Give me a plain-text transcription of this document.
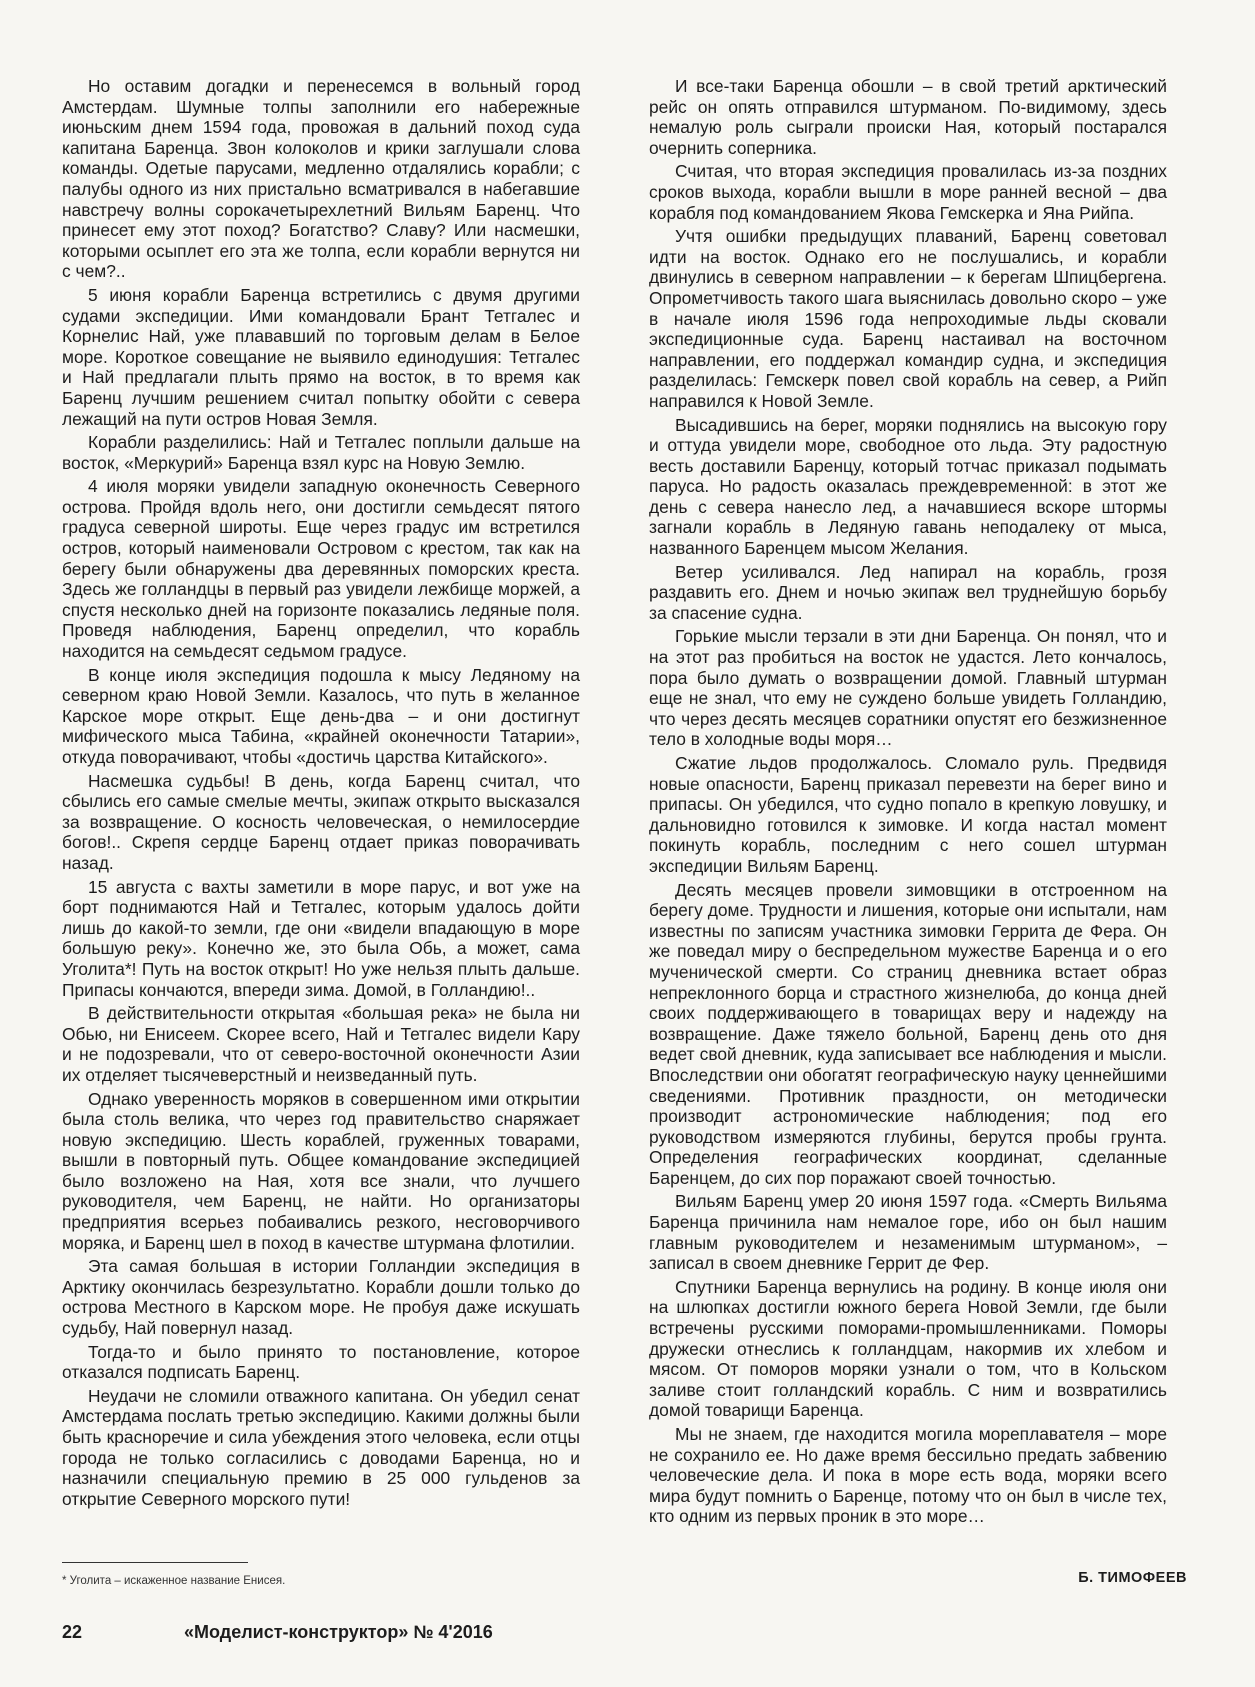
Но оставим догадки и перенесемся в вольный город Амстердам. Шумные толпы заполнили его набережные июньским днем 1594 года, провожая в дальний поход суда капитана Баренца. Звон колоколов и крики заглушали слова команды. Одетые парусами, медленно отдалялись корабли; с палубы одного из них пристально всматривался в набегавшие навстречу волны сорокачетырехлетний Вильям Баренц. Что принесет ему этот поход? Богатство? Славу? Или насмешки, которыми осыплет его эта же толпа, если корабли вернутся ни с чем?..

5 июня корабли Баренца встретились с двумя другими судами экспедиции. Ими командовали Брант Тетгалес и Корнелис Най, уже плававший по торговым делам в Белое море. Короткое совещание не выявило единодушия: Тетгалес и Най предлагали плыть прямо на восток, в то время как Баренц лучшим решением считал попытку обойти с севера лежащий на пути остров Новая Земля.

Корабли разделились: Най и Тетгалес поплыли дальше на восток, «Меркурий» Баренца взял курс на Новую Землю.

4 июля моряки увидели западную оконечность Северного острова. Пройдя вдоль него, они достигли семьдесят пятого градуса северной широты. Еще через градус им встретился остров, который наименовали Островом с крестом, так как на берегу были обнаружены два деревянных поморских креста. Здесь же голландцы в первый раз увидели лежбище моржей, а спустя несколько дней на горизонте показались ледяные поля. Проведя наблюдения, Баренц определил, что корабль находится на семьдесят седьмом градусе.

В конце июля экспедиция подошла к мысу Ледяному на северном краю Новой Земли. Казалось, что путь в желанное Карское море открыт. Еще день-два – и они достигнут мифического мыса Табина, «крайней оконечности Татарии», откуда поворачивают, чтобы «достичь царства Китайского».

Насмешка судьбы! В день, когда Баренц считал, что сбылись его самые смелые мечты, экипаж открыто высказался за возвращение. О косность человеческая, о немилосердие богов!.. Скрепя сердце Баренц отдает приказ поворачивать назад.

15 августа с вахты заметили в море парус, и вот уже на борт поднимаются Най и Тетгалес, которым удалось дойти лишь до какой-то земли, где они «видели впадающую в море большую реку». Конечно же, это была Обь, а может, сама Уголита*! Путь на восток открыт! Но уже нельзя плыть дальше. Припасы кончаются, впереди зима. Домой, в Голландию!..

В действительности открытая «большая река» не была ни Обью, ни Енисеем. Скорее всего, Най и Тетгалес видели Кару и не подозревали, что от северо-восточной оконечности Азии их отделяет тысячеверстный и неизведанный путь.

Однако уверенность моряков в совершенном ими открытии была столь велика, что через год правительство снаряжает новую экспедицию. Шесть кораблей, груженных товарами, вышли в повторный путь. Общее командование экспедицией было возложено на Ная, хотя все знали, что лучшего руководителя, чем Баренц, не найти. Но организаторы предприятия всерьез побаивались резкого, несговорчивого моряка, и Баренц шел в поход в качестве штурмана флотилии.

Эта самая большая в истории Голландии экспедиция в Арктику окончилась безрезультатно. Корабли дошли только до острова Местного в Карском море. Не пробуя даже искушать судьбу, Най повернул назад.

Тогда-то и было принято то постановление, которое отказался подписать Баренц.

Неудачи не сломили отважного капитана. Он убедил сенат Амстердама послать третью экспедицию. Какими должны были быть красноречие и сила убеждения этого человека, если отцы города не только согласились с доводами Баренца, но и назначили специальную премию в 25 000 гульденов за открытие Северного морского пути!

И все-таки Баренца обошли – в свой третий арктический рейс он опять отправился штурманом. По-видимому, здесь немалую роль сыграли происки Ная, который постарался очернить соперника.

Считая, что вторая экспедиция провалилась из-за поздних сроков выхода, корабли вышли в море ранней весной – два корабля под командованием Якова Гемскерка и Яна Рийпа.

Учтя ошибки предыдущих плаваний, Баренц советовал идти на восток. Однако его не послушались, и корабли двинулись в северном направлении – к берегам Шпицбергена. Опрометчивость такого шага выяснилась довольно скоро – уже в начале июля 1596 года непроходимые льды сковали экспедиционные суда. Баренц настаивал на восточном направлении, его поддержал командир судна, и экспедиция разделилась: Гемскерк повел свой корабль на север, а Рийп направился к Новой Земле.

Высадившись на берег, моряки поднялись на высокую гору и оттуда увидели море, свободное ото льда. Эту радостную весть доставили Баренцу, который тотчас приказал подымать паруса. Но радость оказалась преждевременной: в этот же день с севера нанесло лед, а начавшиеся вскоре штормы загнали корабль в Ледяную гавань неподалеку от мыса, названного Баренцем мысом Желания.

Ветер усиливался. Лед напирал на корабль, грозя раздавить его. Днем и ночью экипаж вел труднейшую борьбу за спасение судна.

Горькие мысли терзали в эти дни Баренца. Он понял, что и на этот раз пробиться на восток не удастся. Лето кончалось, пора было думать о возвращении домой. Главный штурман еще не знал, что ему не суждено больше увидеть Голландию, что через десять месяцев соратники опустят его безжизненное тело в холодные воды моря…

Сжатие льдов продолжалось. Сломало руль. Предвидя новые опасности, Баренц приказал перевезти на берег вино и припасы. Он убедился, что судно попало в крепкую ловушку, и дальновидно готовился к зимовке. И когда настал момент покинуть корабль, последним с него сошел штурман экспедиции Вильям Баренц.

Десять месяцев провели зимовщики в отстроенном на берегу доме. Трудности и лишения, которые они испытали, нам известны по записям участника зимовки Геррита де Фера. Он же поведал миру о беспредельном мужестве Баренца и о его мученической смерти. Со страниц дневника встает образ непреклонного борца и страстного жизнелюба, до конца дней своих поддерживающего в товарищах веру и надежду на возвращение. Даже тяжело больной, Баренц день ото дня ведет свой дневник, куда записывает все наблюдения и мысли. Впоследствии они обогатят географическую науку ценнейшими сведениями. Противник праздности, он методически производит астрономические наблюдения; под его руководством измеряются глубины, берутся пробы грунта. Определения географических координат, сделанные Баренцем, до сих пор поражают своей точностью.

Вильям Баренц умер 20 июня 1597 года. «Смерть Вильяма Баренца причинила нам немалое горе, ибо он был нашим главным руководителем и незаменимым штурманом», – записал в своем дневнике Геррит де Фер.

Спутники Баренца вернулись на родину. В конце июля они на шлюпках достигли южного берега Новой Земли, где были встречены русскими поморами-промышленниками. Поморы дружески отнеслись к голландцам, накормив их хлебом и мясом. От поморов моряки узнали о том, что в Кольском заливе стоит голландский корабль. С ним и возвратились домой товарищи Баренца.

Мы не знаем, где находится могила мореплавателя – море не сохранило ее. Но даже время бессильно предать забвению человеческие дела. И пока в море есть вода, моряки всего мира будут помнить о Баренце, потому что он был в числе тех, кто одним из первых проник в это море…

* Уголита – искаженное название Енисея.	Б. ТИМОФЕЕВ
22	«Моделист-конструктор» № 4'2016
